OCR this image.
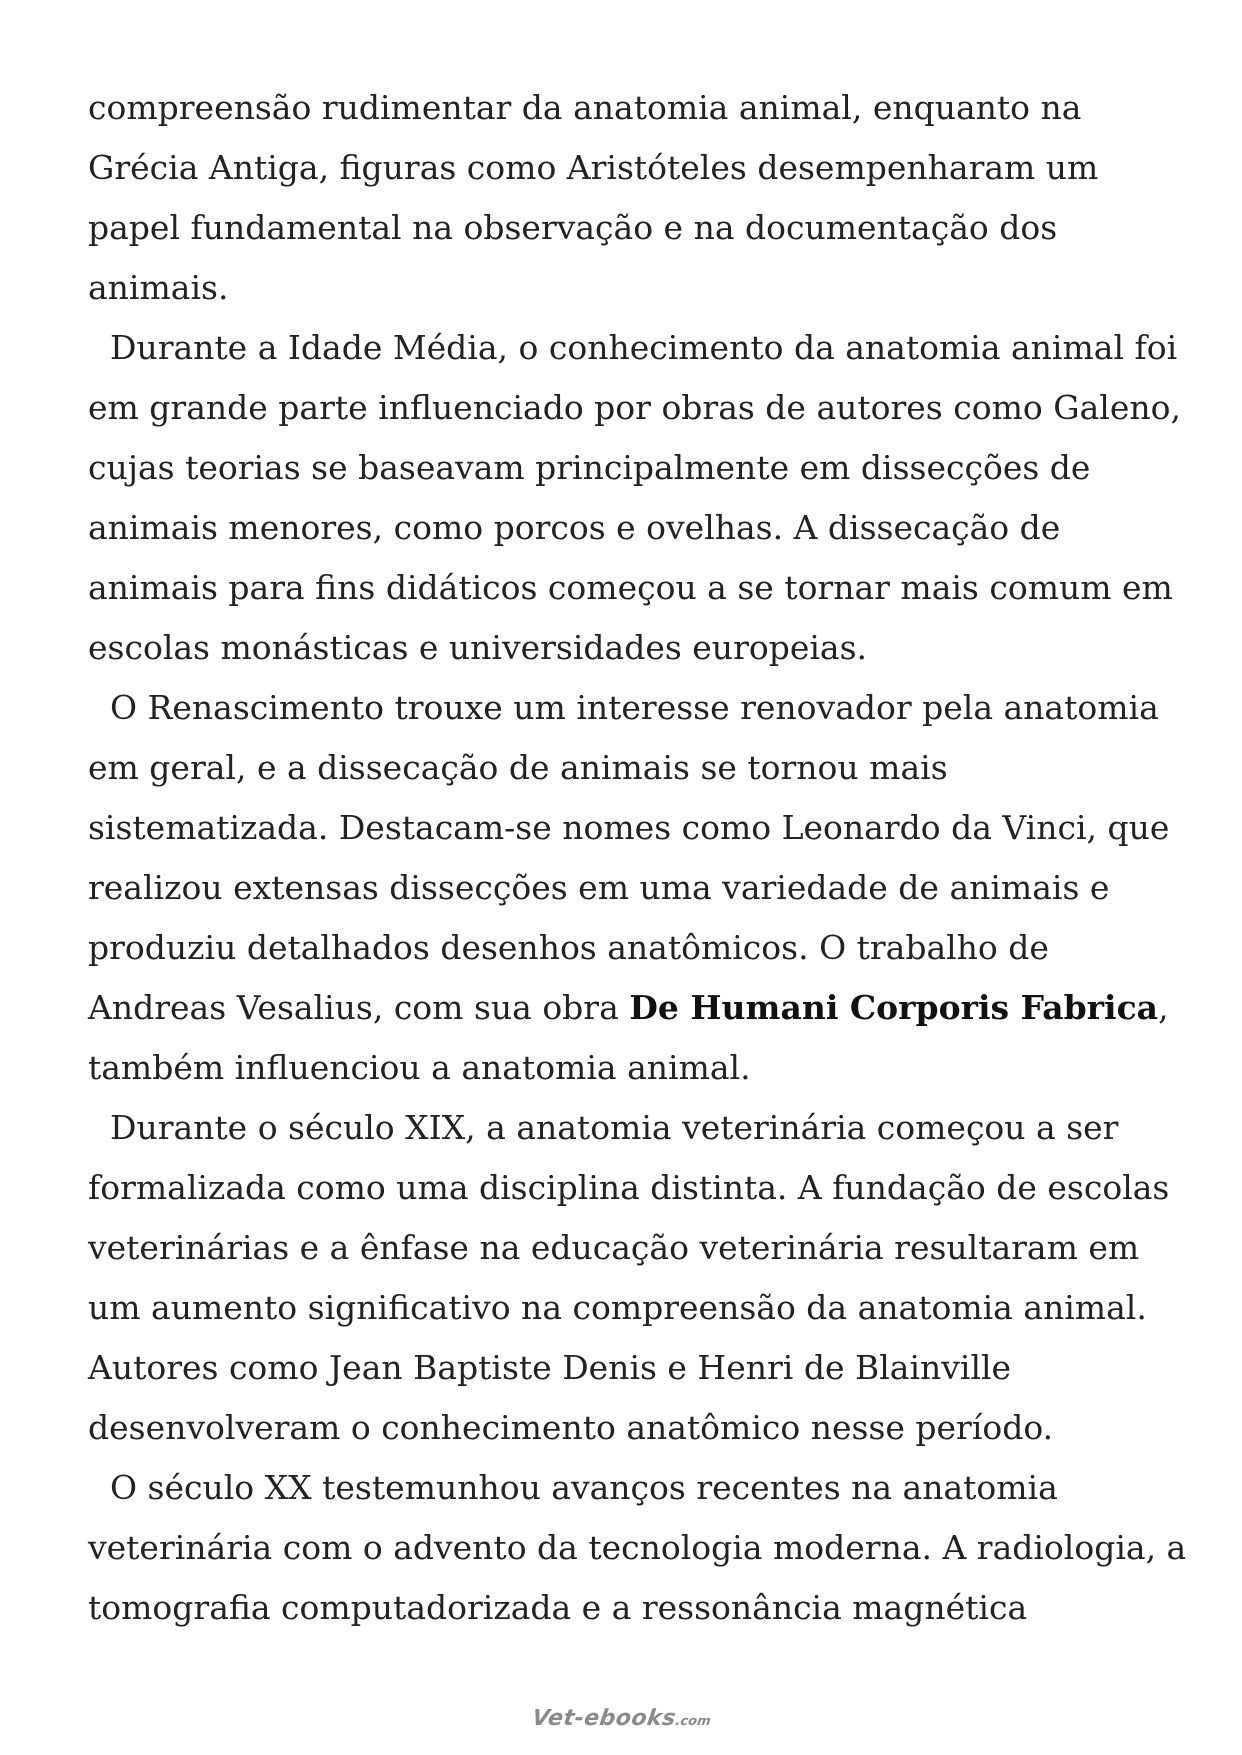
compreensão rudimentar da anatomia animal, enquanto na Grécia Antiga, figuras como Aristóteles desempenharam um papel fundamental na observação e na documentação dos animais.

Durante a Idade Média, o conhecimento da anatomia animal foi em grande parte influenciado por obras de autores como Galeno, cujas teorias se baseavam principalmente em dissecções de animais menores, como porcos e ovelhas. A dissecação de animais para fins didáticos começou a se tornar mais comum em escolas monásticas e universidades europeias.

O Renascimento trouxe um interesse renovador pela anatomia em geral, e a dissecação de animais se tornou mais sistematizada. Destacam-se nomes como Leonardo da Vinci, que realizou extensas dissecções em uma variedade de animais e produziu detalhados desenhos anatômicos. O trabalho de Andreas Vesalius, com sua obra De Humani Corporis Fabrica, também influenciou a anatomia animal.

Durante o século XIX, a anatomia veterinária começou a ser formalizada como uma disciplina distinta. A fundação de escolas veterinárias e a ênfase na educação veterinária resultaram em um aumento significativo na compreensão da anatomia animal. Autores como Jean Baptiste Denis e Henri de Blainville desenvolveram o conhecimento anatômico nesse período.

O século XX testemunhou avanços recentes na anatomia veterinária com o advento da tecnologia moderna. A radiologia, a tomografia computadorizada e a ressonância magnética

Vet-ebooks.com
